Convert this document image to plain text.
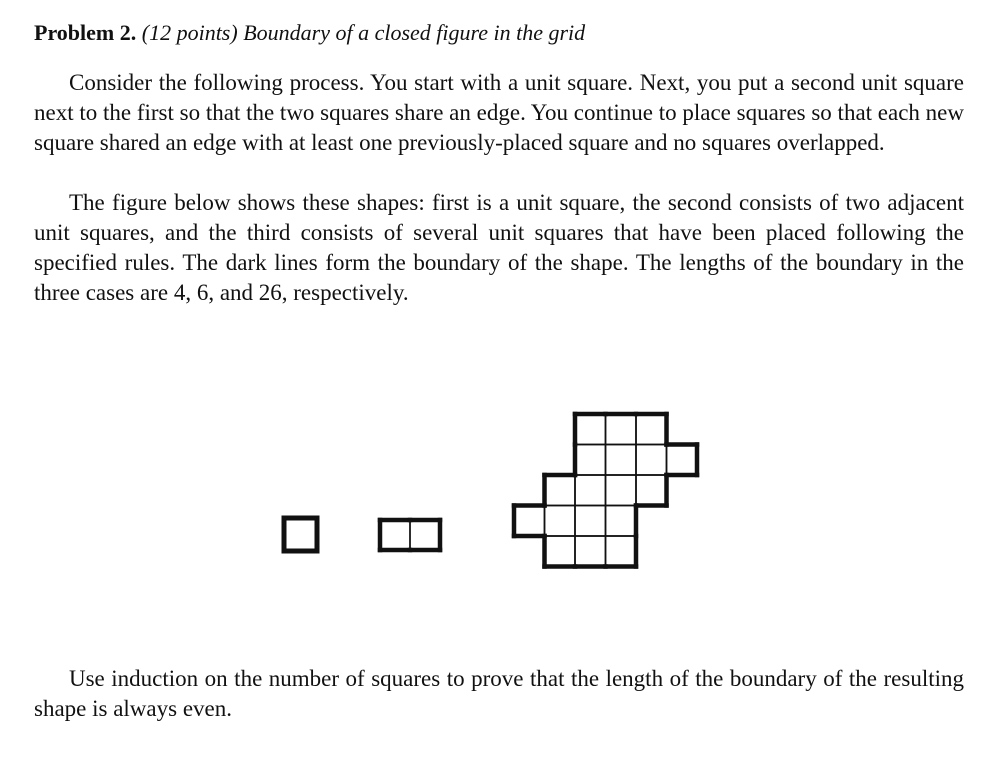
Problem 2. (12 points) Boundary of a closed figure in the grid

Consider the following process. You start with a unit square. Next, you put a second unit square next to the first so that the two squares share an edge. You continue to place squares so that each new square shared an edge with at least one previously-placed square and no squares overlapped.

The figure below shows these shapes: first is a unit square, the second consists of two adjacent unit squares, and the third consists of several unit squares that have been placed following the specified rules. The dark lines form the boundary of the shape. The lengths of the boundary in the three cases are 4, 6, and 26, respectively.

Use induction on the number of squares to prove that the length of the boundary of the resulting shape is always even.
